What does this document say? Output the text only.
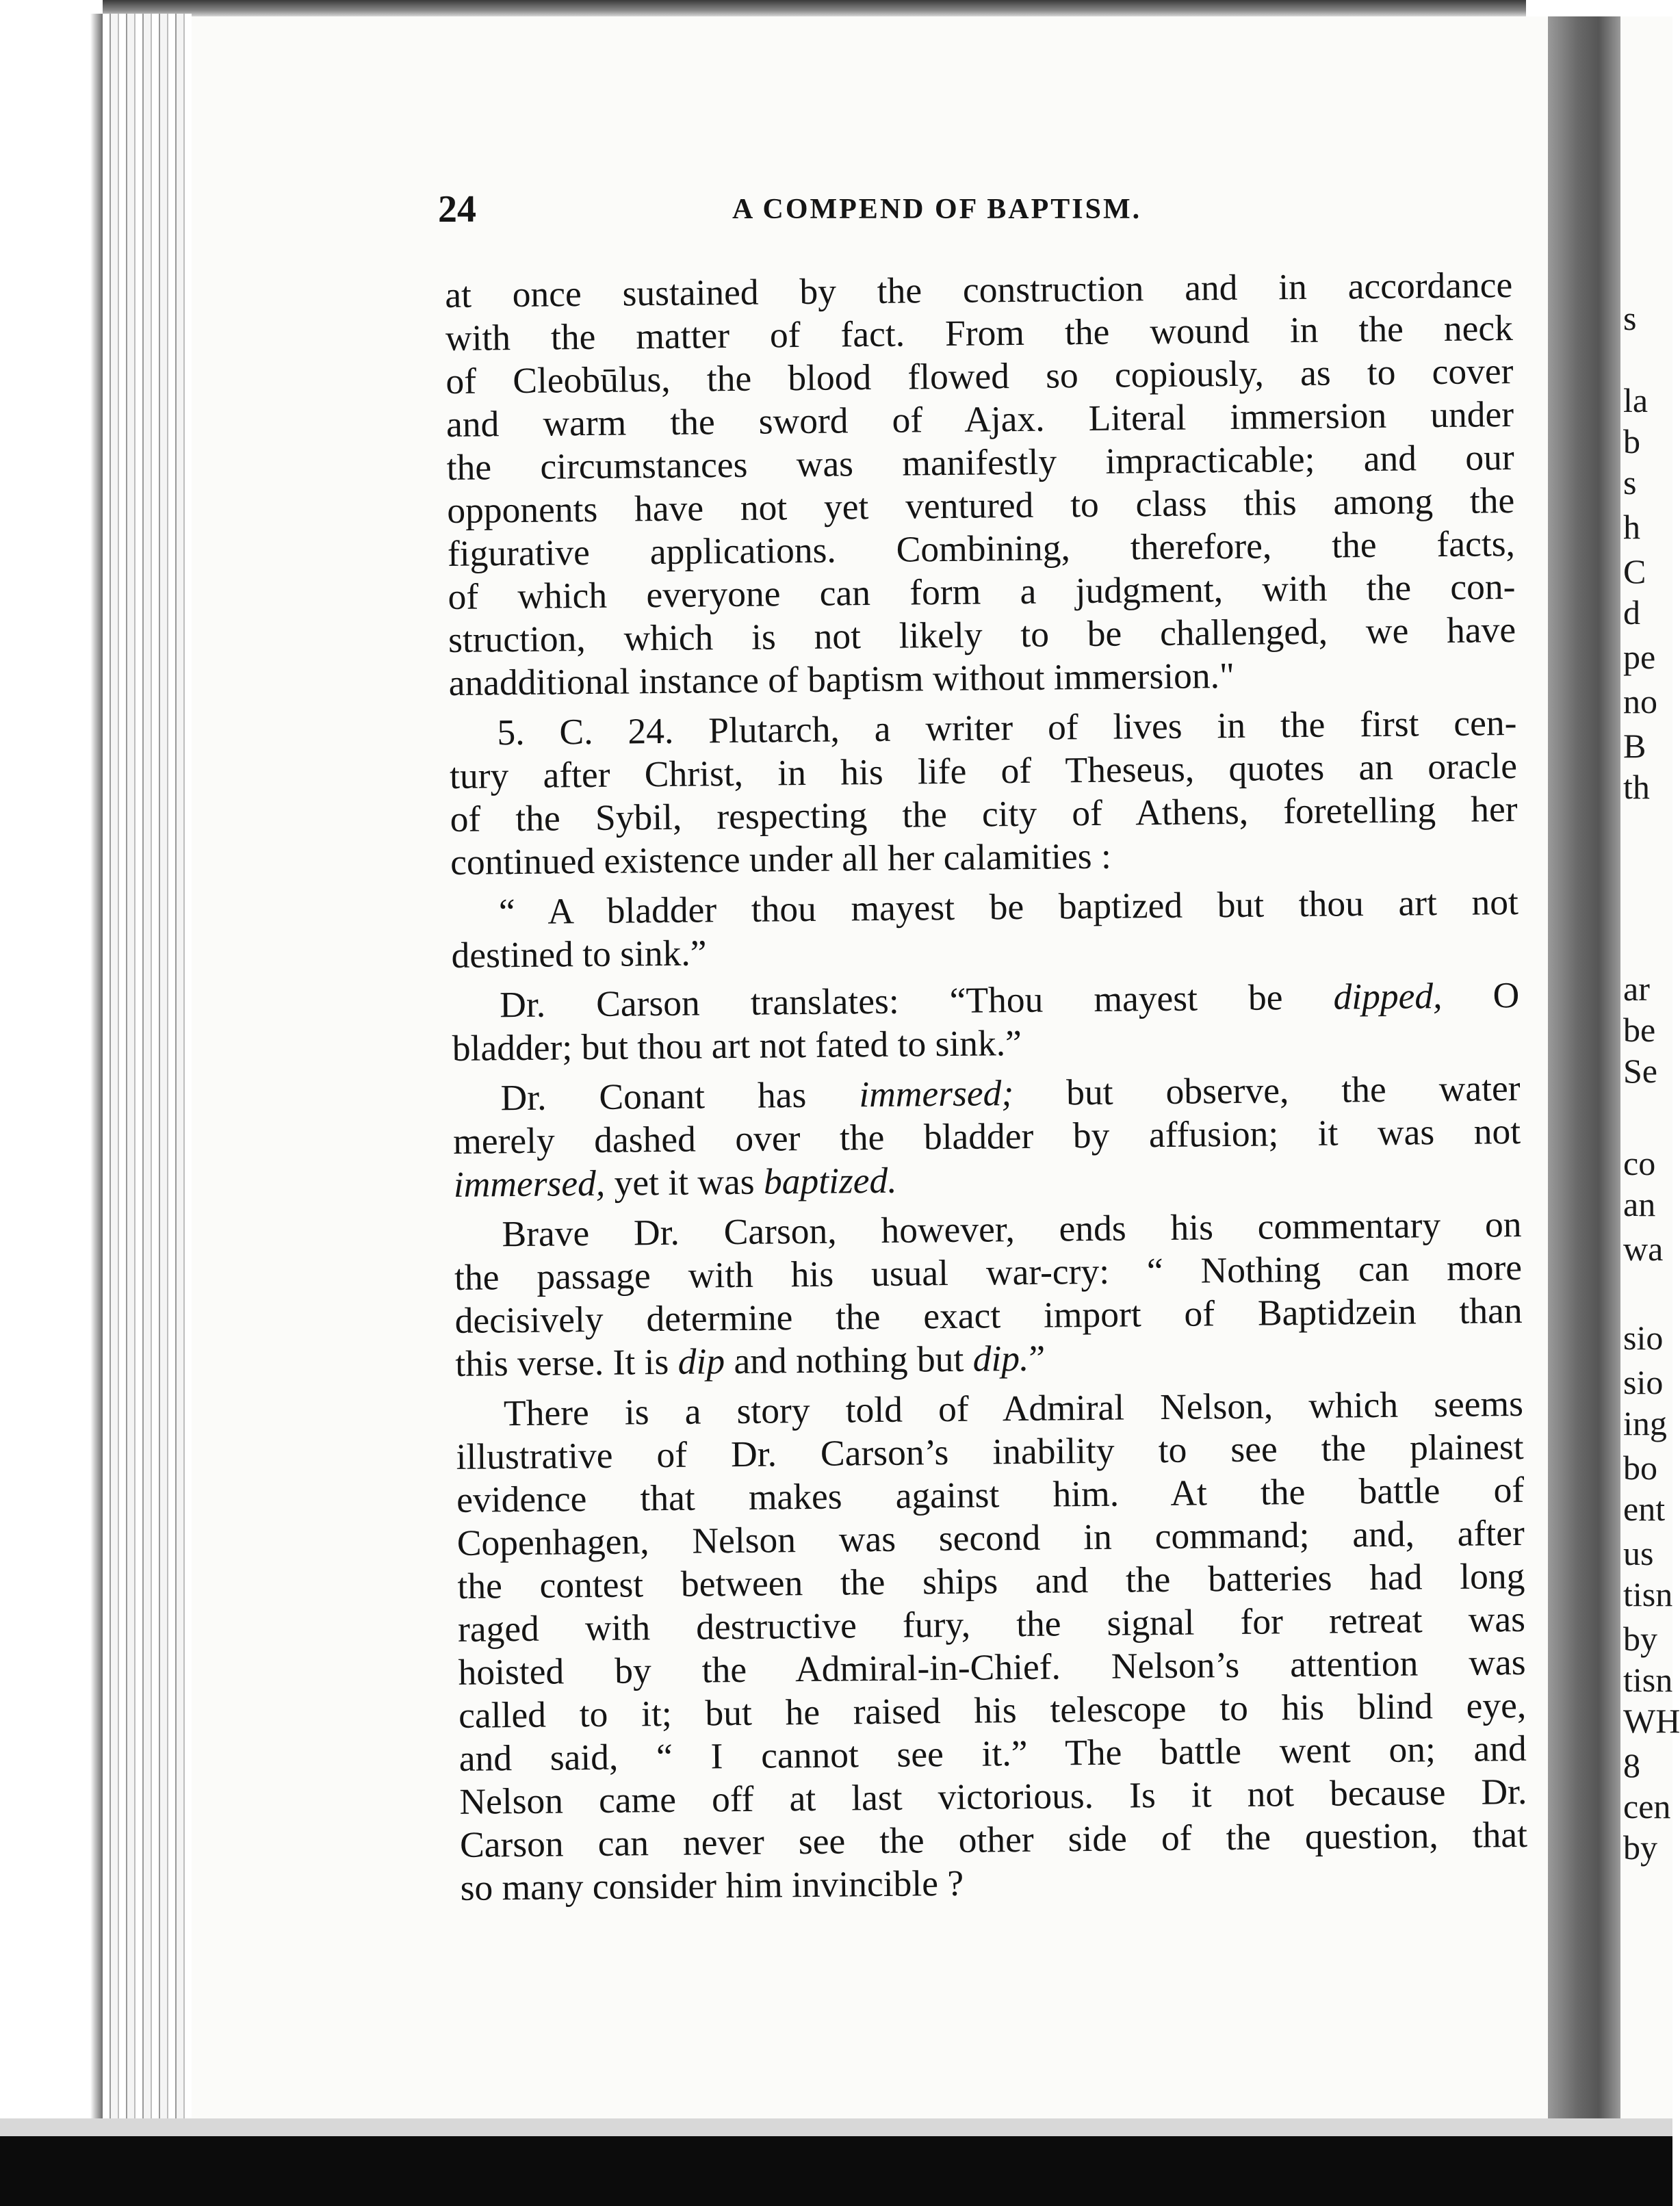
24	A COMPEND OF BAPTISM.
at once sustained by the construction and in accordance
with the matter of fact. From the wound in the neck
of Cleobūlus, the blood flowed so copiously, as to cover
and warm the sword of Ajax. Literal immersion under
the circumstances was manifestly impracticable; and our
opponents have not yet ventured to class this among the
figurative applications. Combining, therefore, the facts,
of which everyone can form a judgment, with the con-
struction, which is not likely to be challenged, we have
anadditional instance of baptism without immersion."
5. C. 24. Plutarch, a writer of lives in the first cen-
tury after Christ, in his life of Theseus, quotes an oracle
of the Sybil, respecting the city of Athens, foretelling her
continued existence under all her calamities :
“ A bladder thou mayest be baptized but thou art not
destined to sink.”
Dr. Carson translates: “Thou mayest be dipped, O
bladder; but thou art not fated to sink.”
Dr. Conant has immersed; but observe, the water
merely dashed over the bladder by affusion; it was not
immersed, yet it was baptized.
Brave Dr. Carson, however, ends his commentary on
the passage with his usual war-cry: “ Nothing can more
decisively determine the exact import of Baptidzein than
this verse. It is dip and nothing but dip.”
There is a story told of Admiral Nelson, which seems
illustrative of Dr. Carson’s inability to see the plainest
evidence that makes against him. At the battle of
Copenhagen, Nelson was second in command; and, after
the contest between the ships and the batteries had long
raged with destructive fury, the signal for retreat was
hoisted by the Admiral-in-Chief. Nelson’s attention was
called to it; but he raised his telescope to his blind eye,
and said, “ I cannot see it.” The battle went on; and
Nelson came off at last victorious. Is it not because Dr.
Carson can never see the other side of the question, that
so many consider him invincible ?
s
la
b
s
h
C
d
pe
no
B
th
ar
be
Se
co
an
wa
sio
sio
ing
bo
ent
us
tisn
by
tisn
WH
8
cen
by
